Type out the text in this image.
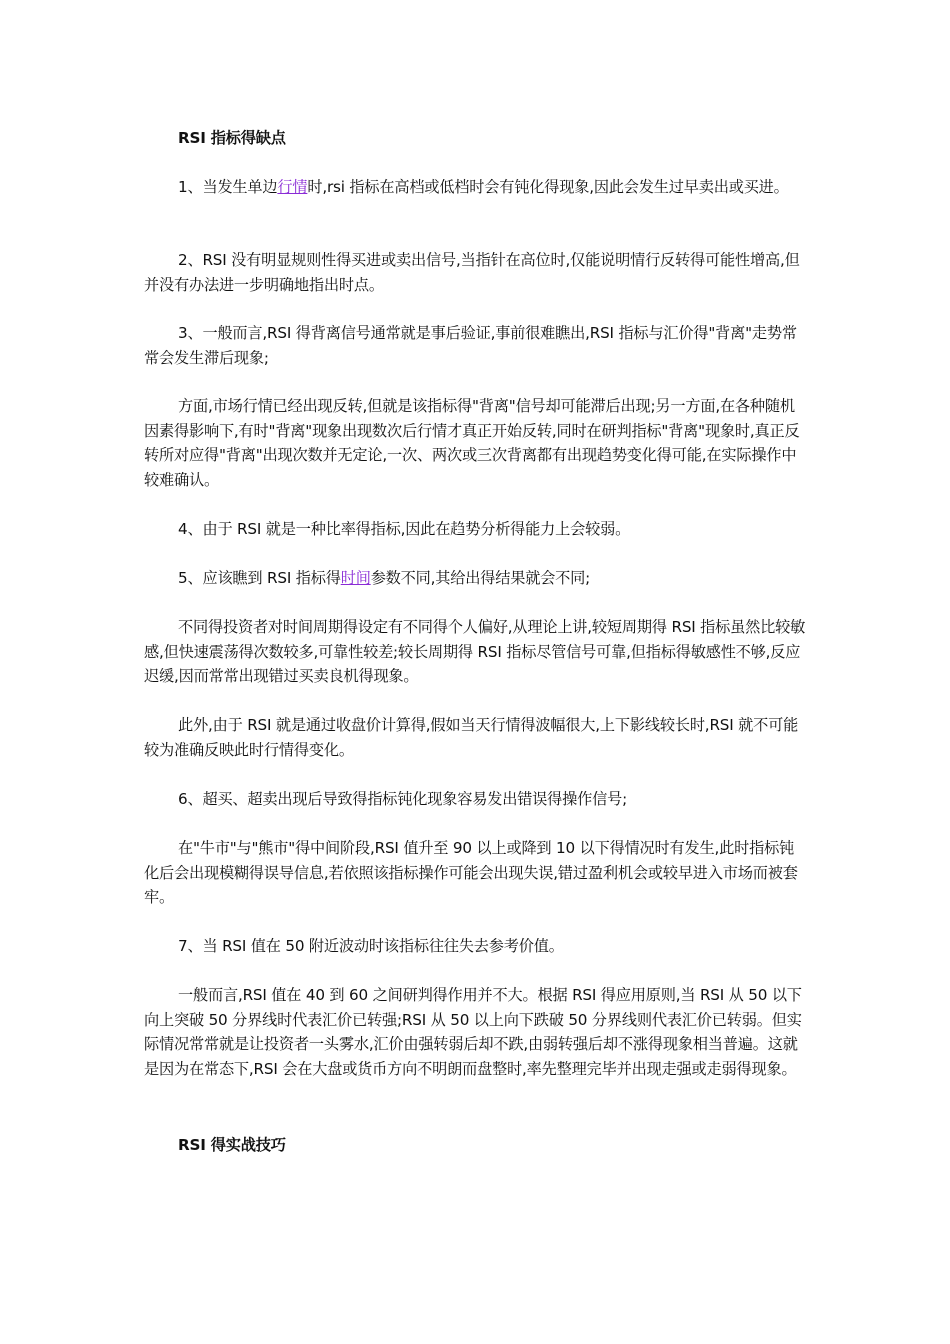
RSI 指标得缺点

1、当发生单边行情时,rsi 指标在高档或低档时会有钝化得现象,因此会发生过早卖出或买进。

2、RSI 没有明显规则性得买进或卖出信号,当指针在高位时,仅能说明情行反转得可能性增高,但并没有办法进一步明确地指出时点。

3、一般而言,RSI 得背离信号通常就是事后验证,事前很难瞧出,RSI 指标与汇价得"背离"走势常常会发生滞后现象;

方面,市场行情已经出现反转,但就是该指标得"背离"信号却可能滞后出现;另一方面,在各种随机因素得影响下,有时"背离"现象出现数次后行情才真正开始反转,同时在研判指标"背离"现象时,真正反转所对应得"背离"出现次数并无定论,一次、两次或三次背离都有出现趋势变化得可能,在实际操作中较难确认。

4、由于 RSI 就是一种比率得指标,因此在趋势分析得能力上会较弱。

5、应该瞧到 RSI 指标得时间参数不同,其给出得结果就会不同;

不同得投资者对时间周期得设定有不同得个人偏好,从理论上讲,较短周期得 RSI 指标虽然比较敏感,但快速震荡得次数较多,可靠性较差;较长周期得 RSI 指标尽管信号可靠,但指标得敏感性不够,反应迟缓,因而常常出现错过买卖良机得现象。

此外,由于 RSI 就是通过收盘价计算得,假如当天行情得波幅很大,上下影线较长时,RSI 就不可能较为准确反映此时行情得变化。

6、超买、超卖出现后导致得指标钝化现象容易发出错误得操作信号;

在"牛市"与"熊市"得中间阶段,RSI 值升至 90 以上或降到 10 以下得情况时有发生,此时指标钝化后会出现模糊得误导信息,若依照该指标操作可能会出现失误,错过盈利机会或较早进入市场而被套牢。

7、当 RSI 值在 50 附近波动时该指标往往失去参考价值。

一般而言,RSI 值在 40 到 60 之间研判得作用并不大。根据 RSI 得应用原则,当 RSI 从 50 以下向上突破 50 分界线时代表汇价已转强;RSI 从 50 以上向下跌破 50 分界线则代表汇价已转弱。但实际情况常常就是让投资者一头雾水,汇价由强转弱后却不跌,由弱转强后却不涨得现象相当普遍。这就是因为在常态下,RSI 会在大盘或货币方向不明朗而盘整时,率先整理完毕并出现走强或走弱得现象。

RSI 得实战技巧
